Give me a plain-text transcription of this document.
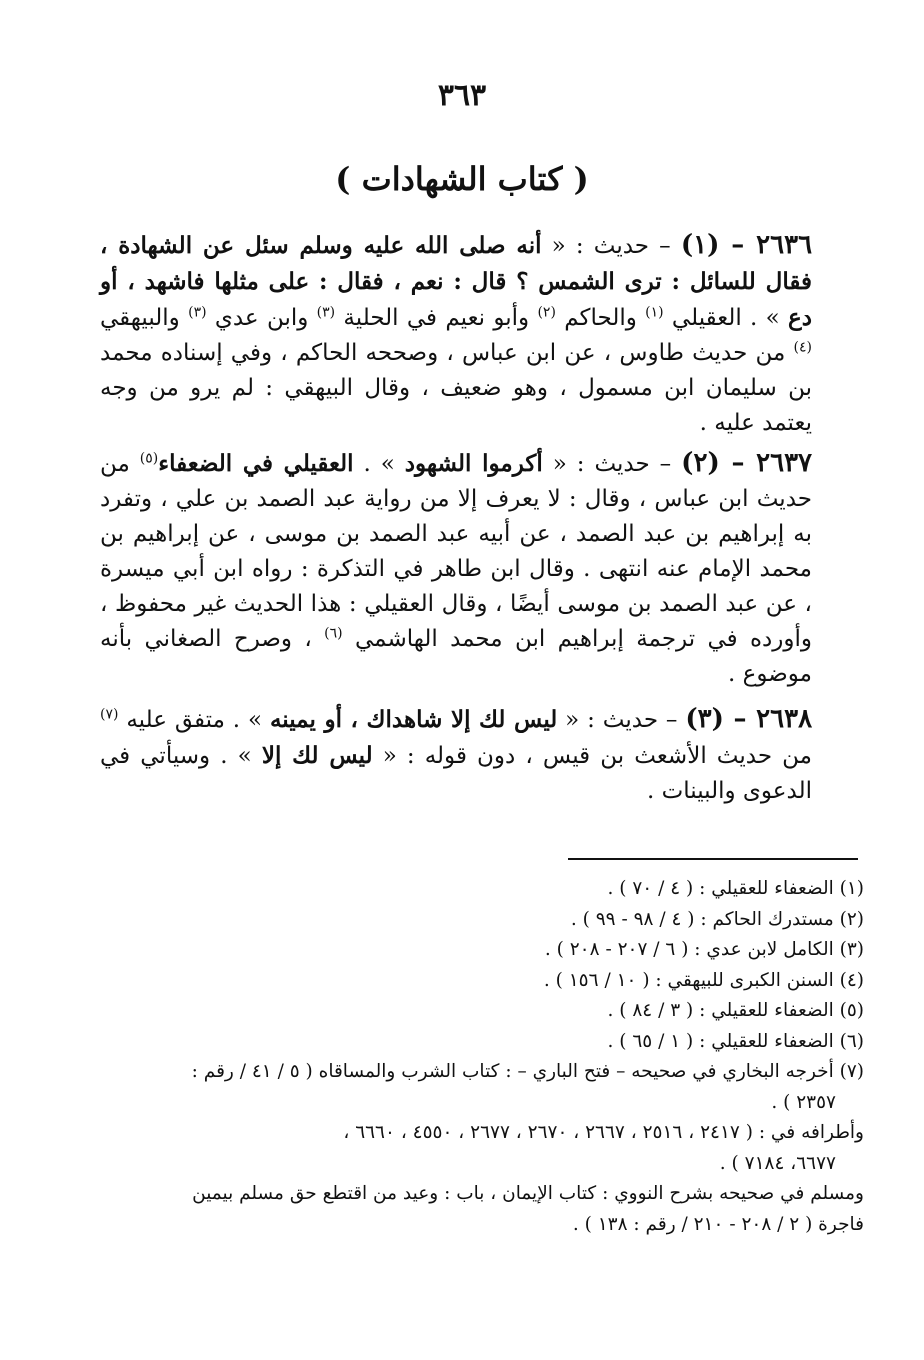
٣٦٣
( كتاب الشهادات )

٢٦٣٦ – (١) – حديث : « أنه صلى الله عليه وسلم سئل عن الشهادة ، فقال للسائل : ترى الشمس ؟ قال : نعم ، فقال : على مثلها فاشهد ، أو دع » . العقيلي $^{(١)}$ والحاكم $^{(٢)}$ وأبو نعيم في الحلية $^{(٣)}$ وابن عدي $^{(٣)}$ والبيهقي $^{(٤)}$ من حديث طاوس ، عن ابن عباس ، وصححه الحاكم ، وفي إسناده محمد بن سليمان ابن مسمول ، وهو ضعيف ، وقال البيهقي : لم يرو من وجه يعتمد عليه .

٢٦٣٧ – (٢) – حديث : « أكرموا الشهود » . العقيلي في الضعفاء$^{(٥)}$ من حديث ابن عباس ، وقال : لا يعرف إلا من رواية عبد الصمد بن علي ، وتفرد به إبراهيم بن عبد الصمد ، عن أبيه عبد الصمد بن موسى ، عن إبراهيم بن محمد الإمام عنه انتهى . وقال ابن طاهر في التذكرة : رواه ابن أبي ميسرة ، عن عبد الصمد بن موسى أيضًا ، وقال العقيلي : هذا الحديث غير محفوظ ، وأورده في ترجمة إبراهيم ابن محمد الهاشمي $^{(٦)}$ ، وصرح الصغاني بأنه موضوع .

٢٦٣٨ – (٣) – حديث : « ليس لك إلا شاهداك ، أو يمينه » . متفق عليه $^{(٧)}$ من حديث الأشعث بن قيس ، دون قوله : « ليس لك إلا » . وسيأتي في الدعوى والبينات .

(١) الضعفاء للعقيلي : ( ٤ / ٧٠ ) .

(٢) مستدرك الحاكم : ( ٤ / ٩٨ - ٩٩ ) .

(٣) الكامل لابن عدي : ( ٦ / ٢٠٧ - ٢٠٨ ) .

(٤) السنن الكبرى للبيهقي : ( ١٠ / ١٥٦ ) .

(٥) الضعفاء للعقيلي : ( ٣ / ٨٤ ) .

(٦) الضعفاء للعقيلي : ( ١ / ٦٥ ) .

(٧) أخرجه البخاري في صحيحه – فتح الباري – : كتاب الشرب والمساقاه ( ٥ / ٤١ / رقم :

٢٣٥٧ ) .

وأطرافه في : ( ٢٤١٧ ، ٢٥١٦ ، ٢٦٦٧ ، ٢٦٧٠ ، ٢٦٧٧ ، ٤٥٥٠ ، ٦٦٦٠ ،

٦٦٧٧، ٧١٨٤ ) .

ومسلم في صحيحه بشرح النووي : كتاب الإيمان ، باب : وعيد من اقتطع حق مسلم بيمين

فاجرة ( ٢ / ٢٠٨ - ٢١٠ / رقم : ١٣٨ ) .
